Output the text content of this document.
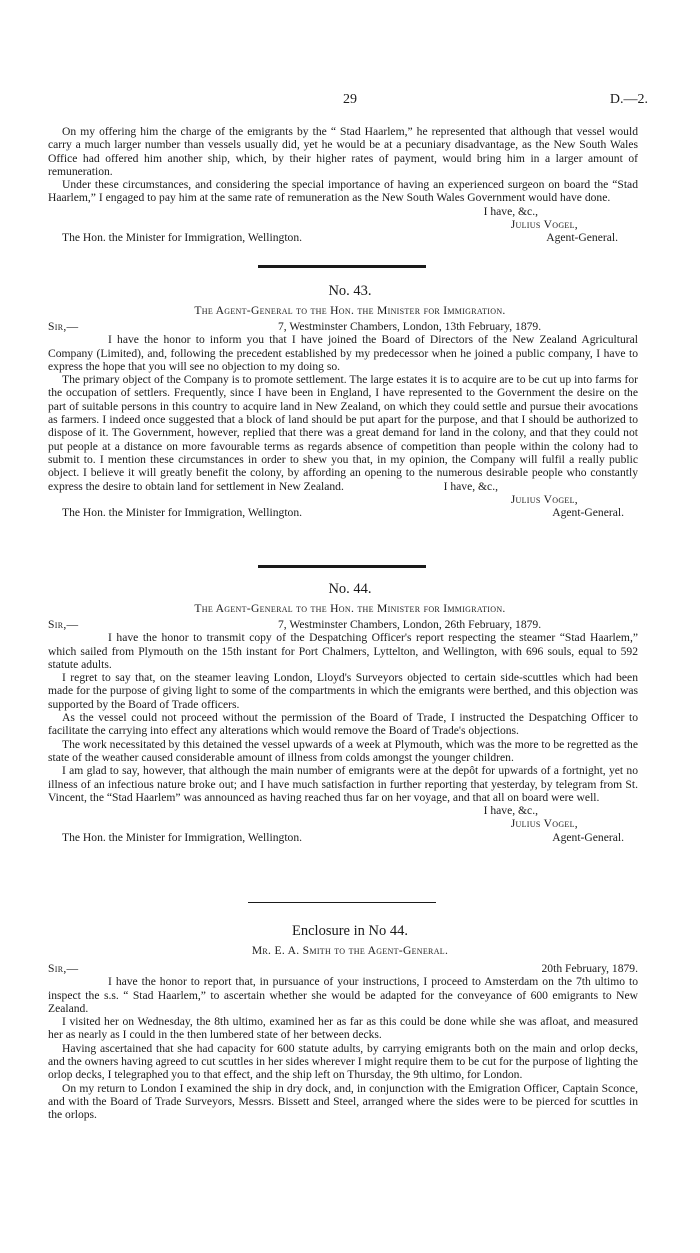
29	D.—2.

On my offering him the charge of the emigrants by the “ Stad Haarlem,” he represented that although that vessel would carry a much larger number than vessels usually did, yet he would be at a pecuniary disadvantage, as the New South Wales Office had offered him another ship, which, by their higher rates of payment, would bring him in a larger amount of remuneration.

Under these circumstances, and considering the special importance of having an experienced surgeon on board the “Stad Haarlem,” I engaged to pay him at the same rate of remuneration as the New South Wales Government would have done.

I have, &c.,

Julius Vogel,

The Hon. the Minister for Immigration, Wellington.	Agent-General.
No. 43.
The Agent-General to the Hon. the Minister for Immigration.
Sir,—	7, Westminster Chambers, London, 13th February, 1879.

I have the honor to inform you that I have joined the Board of Directors of the New Zealand Agricultural Company (Limited), and, following the precedent established by my predecessor when he joined a public company, I have to express the hope that you will see no objection to my doing so.

The primary object of the Company is to promote settlement. The large estates it is to acquire are to be cut up into farms for the occupation of settlers. Frequently, since I have been in England, I have represented to the Government the desire on the part of suitable persons in this country to acquire land in New Zealand, on which they could settle and pursue their avocations as farmers. I indeed once suggested that a block of land should be put apart for the purpose, and that I should be authorized to dispose of it. The Government, however, replied that there was a great demand for land in the colony, and that they could not put people at a distance on more favourable terms as regards absence of competition than people within the colony had to submit to. I mention these circumstances in order to shew you that, in my opinion, the Company will fulfil a really public object. I believe it will greatly benefit the colony, by affording an opening to the numerous desirable people who constantly express the desire to obtain land for settlement in New Zealand.	I have, &c.,

Julius Vogel,

The Hon. the Minister for Immigration, Wellington.	Agent-General.
No. 44.
The Agent-General to the Hon. the Minister for Immigration.
Sir,—	7, Westminster Chambers, London, 26th February, 1879.

I have the honor to transmit copy of the Despatching Officer's report respecting the steamer “Stad Haarlem,” which sailed from Plymouth on the 15th instant for Port Chalmers, Lyttelton, and Wellington, with 696 souls, equal to 592 statute adults.

I regret to say that, on the steamer leaving London, Lloyd's Surveyors objected to certain side-scuttles which had been made for the purpose of giving light to some of the compartments in which the emigrants were berthed, and this objection was supported by the Board of Trade officers.

As the vessel could not proceed without the permission of the Board of Trade, I instructed the Despatching Officer to facilitate the carrying into effect any alterations which would remove the Board of Trade's objections.

The work necessitated by this detained the vessel upwards of a week at Plymouth, which was the more to be regretted as the state of the weather caused considerable amount of illness from colds amongst the younger children.

I am glad to say, however, that although the main number of emigrants were at the depôt for upwards of a fortnight, yet no illness of an infectious nature broke out; and I have much satisfaction in further reporting that yesterday, by telegram from St. Vincent, the “Stad Haarlem” was announced as having reached thus far on her voyage, and that all on board were well.

I have, &c.,

Julius Vogel,

The Hon. the Minister for Immigration, Wellington.	Agent-General.
Enclosure in No 44.
Mr. E. A. Smith to the Agent-General.
Sir,—	20th February, 1879.

I have the honor to report that, in pursuance of your instructions, I proceed to Amsterdam on the 7th ultimo to inspect the s.s. “ Stad Haarlem,” to ascertain whether she would be adapted for the conveyance of 600 emigrants to New Zealand.

I visited her on Wednesday, the 8th ultimo, examined her as far as this could be done while she was afloat, and measured her as nearly as I could in the then lumbered state of her between decks.

Having ascertained that she had capacity for 600 statute adults, by carrying emigrants both on the main and orlop decks, and the owners having agreed to cut scuttles in her sides wherever I might require them to be cut for the purpose of lighting the orlop decks, I telegraphed you to that effect, and the ship left on Thursday, the 9th ultimo, for London.

On my return to London I examined the ship in dry dock, and, in conjunction with the Emigration Officer, Captain Sconce, and with the Board of Trade Surveyors, Messrs. Bissett and Steel, arranged where the sides were to be pierced for scuttles in the orlops.
